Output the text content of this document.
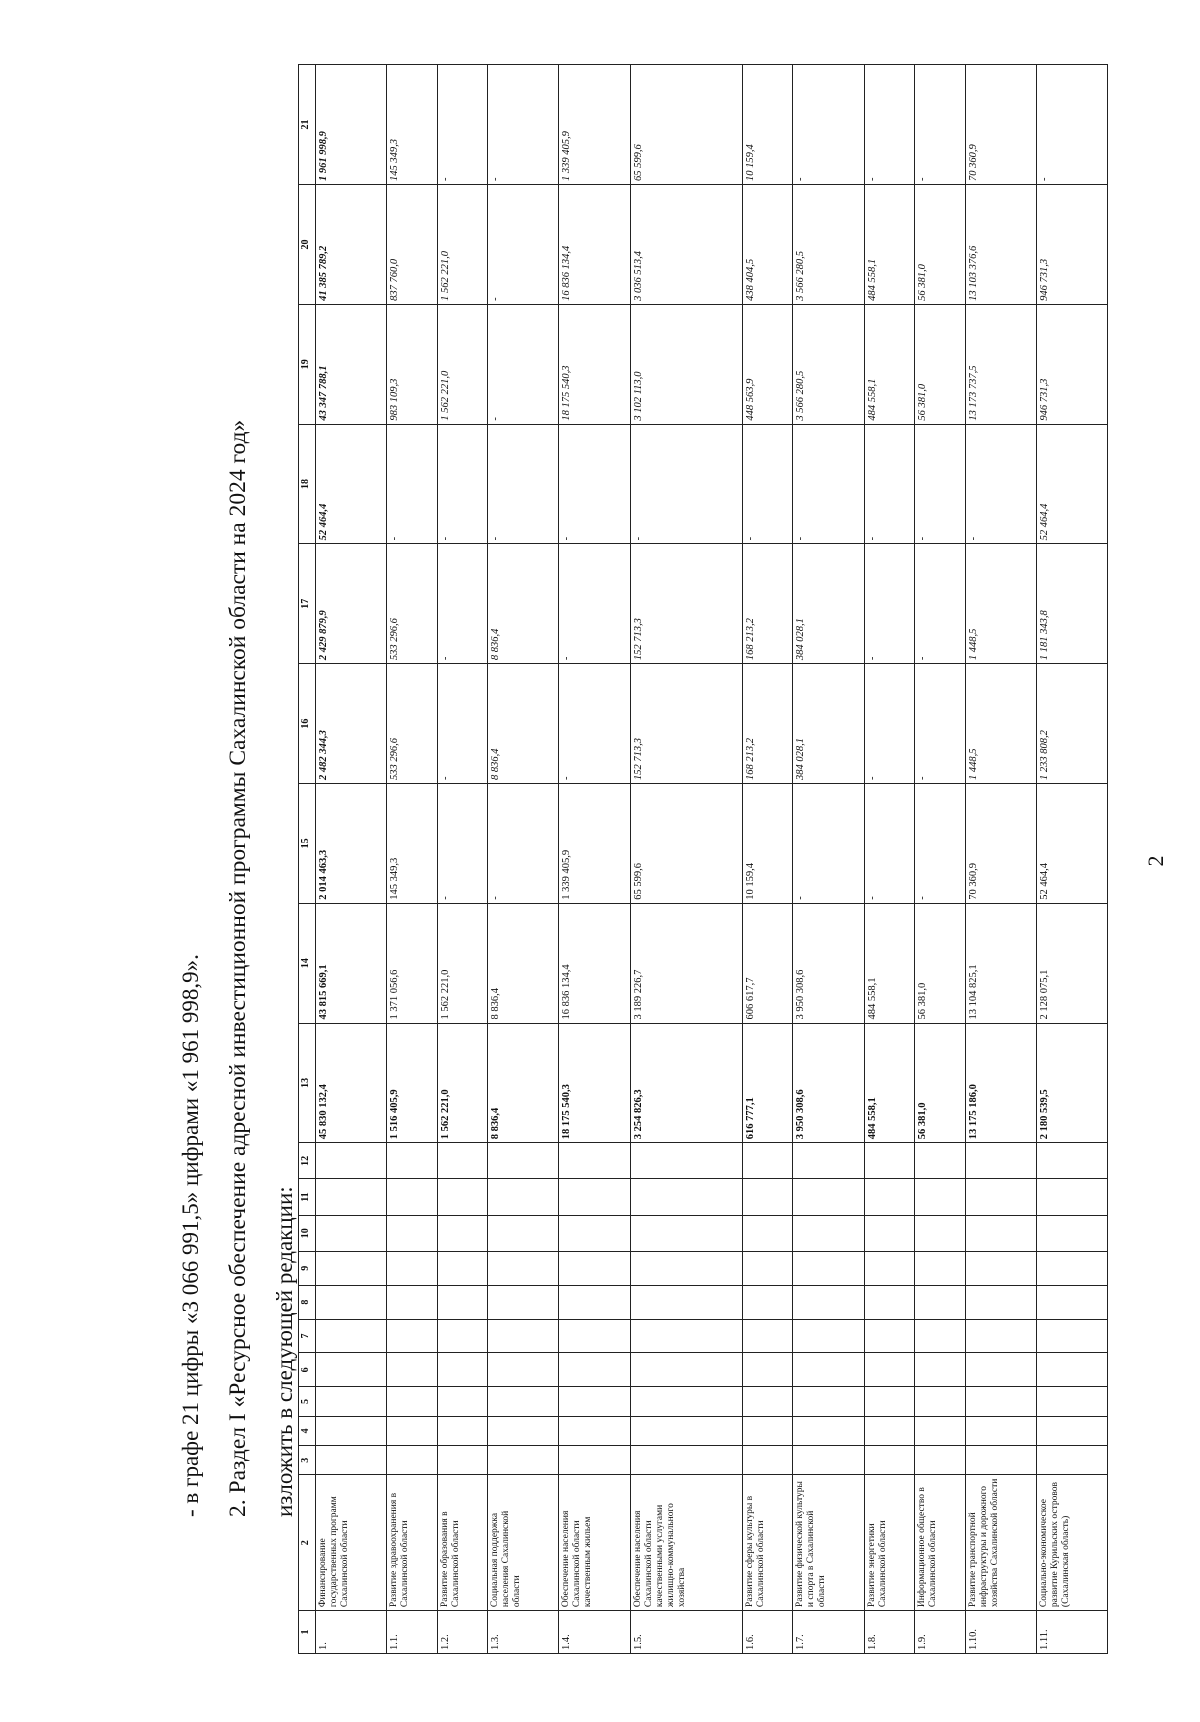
2
- в графе 21 цифры «3 066 991,5» цифрами «1 961 998,9». 2. Раздел I «Ресурсное обеспечение адресной инвестиционной программы Сахалинской области на 2024 год» изложить в следующей редакции:
1	2	3	4	5	6	7	8	9	10	11	12	13	14	15	16	17	18	19	20	21
1.	Финансирование государственных программ Сахалинской области											45 830 132,4	43 815 669,1	2 014 463,3	2 482 344,3	2 429 879,9	52 464,4	43 347 788,1	41 385 789,2	1 961 998,9
1.1.	Развитие здравоохранения в Сахалинской области											1 516 405,9	1 371 056,6	145 349,3	533 296,6	533 296,6	-	983 109,3	837 760,0	145 349,3
1.2.	Развитие образования в Сахалинской области											1 562 221,0	1 562 221,0	-	-	-	-	1 562 221,0	1 562 221,0	-
1.3.	Социальная поддержка населения Сахалинской области											8 836,4	8 836,4	-	8 836,4	8 836,4	-	-	-	-
1.4.	Обеспечение населения Сахалинской области качественным жильем											18 175 540,3	16 836 134,4	1 339 405,9	-	-	-	18 175 540,3	16 836 134,4	1 339 405,9
1.5.	Обеспечение населения Сахалинской области качественными услугами жилищно-коммунального хозяйства											3 254 826,3	3 189 226,7	65 599,6	152 713,3	152 713,3	-	3 102 113,0	3 036 513,4	65 599,6
1.6.	Развитие сферы культуры в Сахалинской области											616 777,1	606 617,7	10 159,4	168 213,2	168 213,2	-	448 563,9	438 404,5	10 159,4
1.7.	Развитие физической культуры и спорта в Сахалинской области											3 950 308,6	3 950 308,6	-	384 028,1	384 028,1	-	3 566 280,5	3 566 280,5	-
1.8.	Развитие энергетики Сахалинской области											484 558,1	484 558,1	-	-	-	-	484 558,1	484 558,1	-
1.9.	Информационное общество в Сахалинской области											56 381,0	56 381,0	-	-	-	-	56 381,0	56 381,0	-
1.10.	Развитие транспортной инфраструктуры и дорожного хозяйства Сахалинской области											13 175 186,0	13 104 825,1	70 360,9	1 448,5	1 448,5	-	13 173 737,5	13 103 376,6	70 360,9
1.11.	Социально-экономическое развитие Курильских островов (Сахалинская область)											2 180 539,5	2 128 075,1	52 464,4	1 233 808,2	1 181 343,8	52 464,4	946 731,3	946 731,3	-
